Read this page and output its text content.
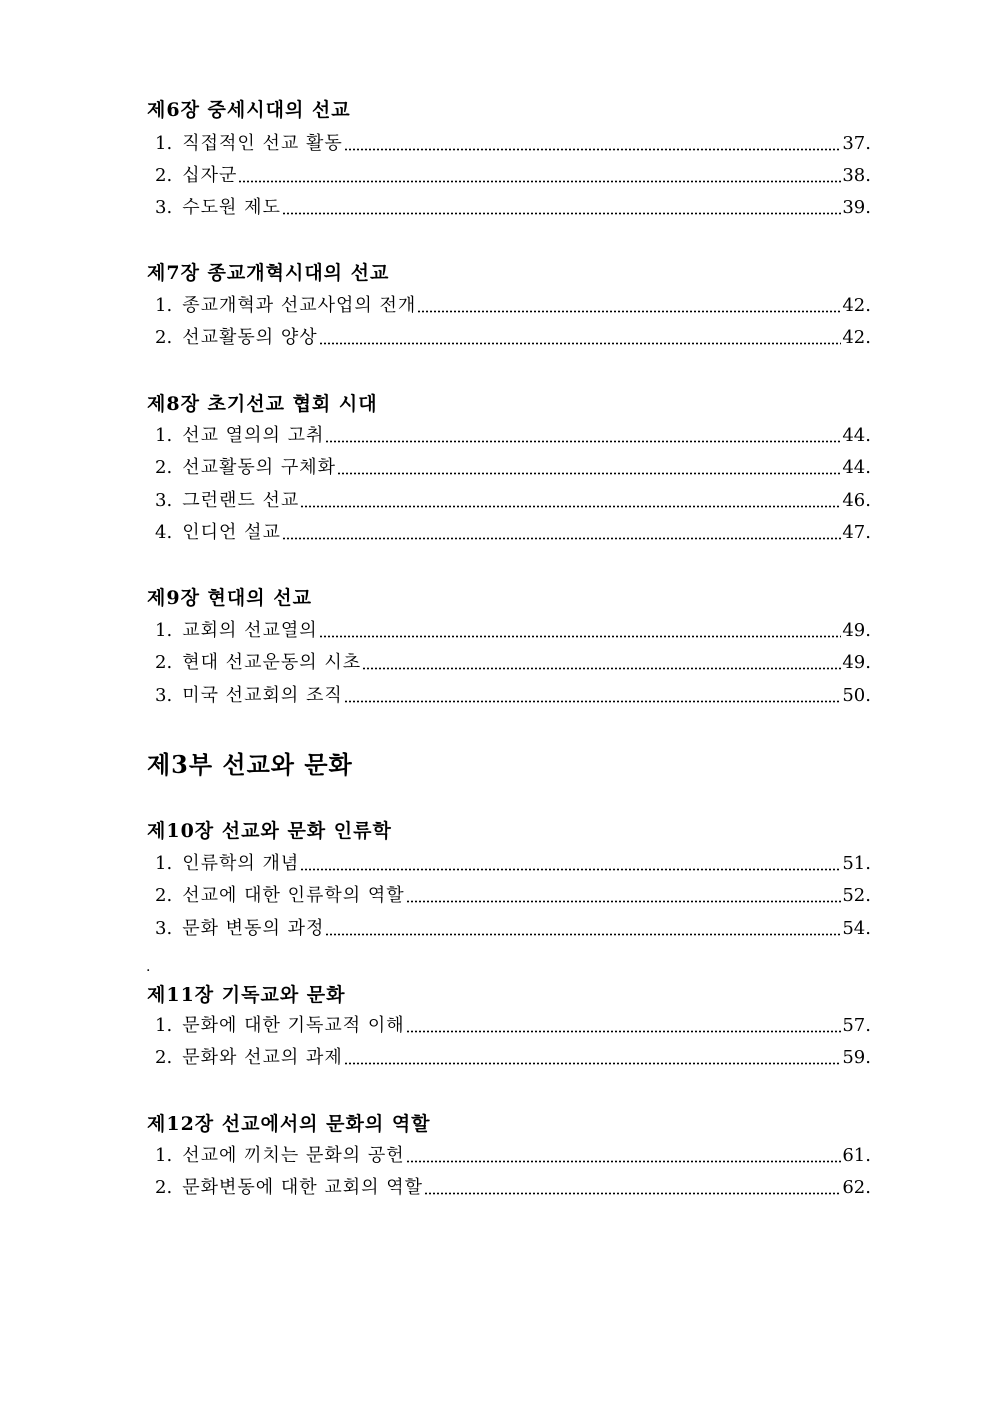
제6장 중세시대의 선교
1. 직접적인 선교 활동	37.
2. 십자군	38.
3. 수도원 제도	39.
제7장 종교개혁시대의 선교
1. 종교개혁과 선교사업의 전개	42.
2. 선교활동의 양상	42.
제8장 초기선교 협회 시대
1. 선교 열의의 고취	44.
2. 선교활동의 구체화	44.
3. 그런랜드 선교	46.
4. 인디언 설교	47.
제9장 현대의 선교
1. 교회의 선교열의	49.
2. 현대 선교운동의 시초	49.
3. 미국 선교회의 조직	50.
제3부 선교와 문화
제10장 선교와 문화 인류학
1. 인류학의 개념	51.
2. 선교에 대한 인류학의 역할	52.
3. 문화 변동의 과정	54.
.
제11장 기독교와 문화
1. 문화에 대한 기독교적 이해	57.
2. 문화와 선교의 과제	59.
제12장 선교에서의 문화의 역할
1. 선교에 끼치는 문화의 공헌	61.
2. 문화변동에 대한 교회의 역할	62.
